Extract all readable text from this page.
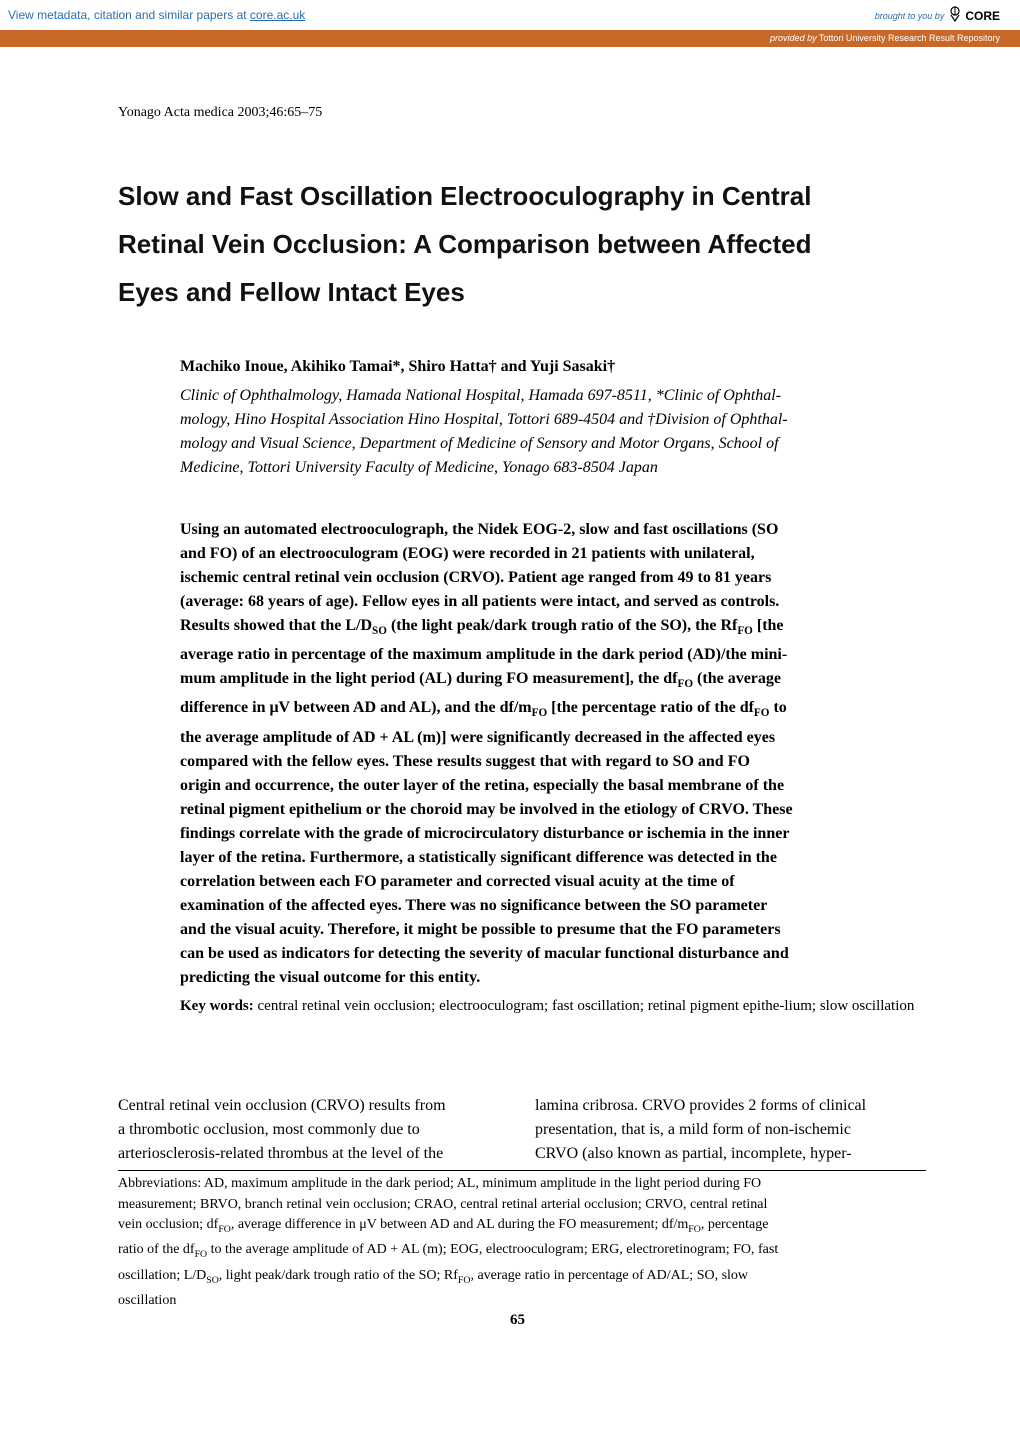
View metadata, citation and similar papers at core.ac.uk	brought to you by CORE
provided by Tottori University Research Result Repository
Yonago Acta medica 2003;46:65–75
Slow and Fast Oscillation Electrooculography in Central
Retinal Vein Occlusion: A Comparison between Affected
Eyes and Fellow Intact Eyes
Machiko Inoue, Akihiko Tamai*, Shiro Hatta† and Yuji Sasaki†
Clinic of Ophthalmology, Hamada National Hospital, Hamada 697-8511, *Clinic of Ophthal-
mology, Hino Hospital Association Hino Hospital, Tottori 689-4504 and †Division of Ophthal-
mology and Visual Science, Department of Medicine of Sensory and Motor Organs, School of
Medicine, Tottori University Faculty of Medicine, Yonago 683-8504 Japan
Using an automated electrooculograph, the Nidek EOG-2, slow and fast oscillations (SO
and FO) of an electrooculogram (EOG) were recorded in 21 patients with unilateral,
ischemic central retinal vein occlusion (CRVO). Patient age ranged from 49 to 81 years
(average: 68 years of age). Fellow eyes in all patients were intact, and served as controls.
Results showed that the $L/D_{SO}$ (the light peak/dark trough ratio of the SO), the $Rf_{FO}$ [the
average ratio in percentage of the maximum amplitude in the dark period (AD)/the mini-
mum amplitude in the light period (AL) during FO measurement], the $df_{FO}$ (the average
difference in μV between AD and AL), and the $df/m_{FO}$ [the percentage ratio of the $df_{FO}$ to
the average amplitude of AD + AL (m)] were significantly decreased in the affected eyes
compared with the fellow eyes. These results suggest that with regard to SO and FO
origin and occurrence, the outer layer of the retina, especially the basal membrane of the
retinal pigment epithelium or the choroid may be involved in the etiology of CRVO. These
findings correlate with the grade of microcirculatory disturbance or ischemia in the inner
layer of the retina. Furthermore, a statistically significant difference was detected in the
correlation between each FO parameter and corrected visual acuity at the time of
examination of the affected eyes. There was no significance between the SO parameter
and the visual acuity. Therefore, it might be possible to presume that the FO parameters
can be used as indicators for detecting the severity of macular functional disturbance and
predicting the visual outcome for this entity.
Key words: central retinal vein occlusion; electrooculogram; fast oscillation; retinal pigment epithe-lium; slow oscillation
Central retinal vein occlusion (CRVO) results from
a thrombotic occlusion, most commonly due to
arteriosclerosis-related thrombus at the level of the
lamina cribrosa. CRVO provides 2 forms of clinical
presentation, that is, a mild form of non-ischemic
CRVO (also known as partial, incomplete, hyper-
Abbreviations: AD, maximum amplitude in the dark period; AL, minimum amplitude in the light period during FO
measurement; BRVO, branch retinal vein occlusion; CRAO, central retinal arterial occlusion; CRVO, central retinal
vein occlusion; $df_{FO}$, average difference in μV between AD and AL during the FO measurement; $df/m_{FO}$, percentage
ratio of the $df_{FO}$ to the average amplitude of AD + AL (m); EOG, electrooculogram; ERG, electroretinogram; FO, fast
oscillation; $L/D_{SO}$, light peak/dark trough ratio of the SO; $Rf_{FO}$, average ratio in percentage of AD/AL; SO, slow
oscillation
65
